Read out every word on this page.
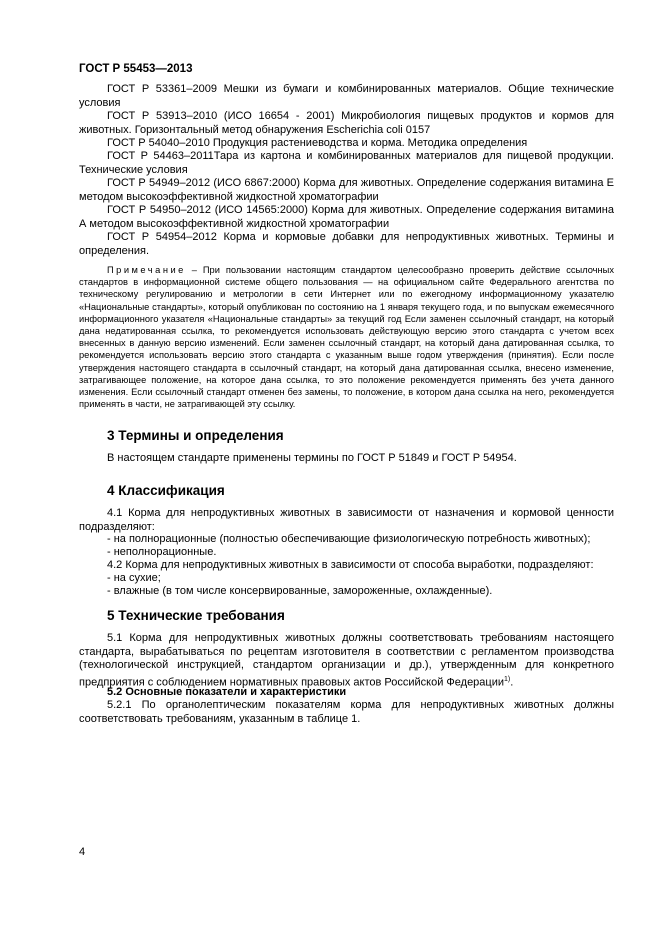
ГОСТ Р 55453—2013
ГОСТ Р 53361–2009 Мешки из бумаги и комбинированных материалов. Общие технические условия
ГОСТ Р 53913–2010 (ИСО 16654 - 2001) Микробиология пищевых продуктов и кормов для животных. Горизонтальный метод обнаружения Escherichia coli 0157
ГОСТ Р 54040–2010 Продукция растениеводства и корма. Методика определения
ГОСТ Р 54463–2011Тара из картона и комбинированных материалов для пищевой продукции. Технические условия
ГОСТ Р 54949–2012 (ИСО 6867:2000) Корма для животных. Определение содержания витамина Е методом высокоэффективной жидкостной хроматографии
ГОСТ Р 54950–2012 (ИСО 14565:2000) Корма для животных. Определение содержания витамина А методом высокоэффективной жидкостной хроматографии
ГОСТ Р 54954–2012 Корма и кормовые добавки для непродуктивных животных. Термины и определения.
Примечание – При пользовании настоящим стандартом целесообразно проверить действие ссылочных стандартов в информационной системе общего пользования — на официальном сайте Федерального агентства по техническому регулированию и метрологии в сети Интернет или по ежегодному информационному указателю «Национальные стандарты», который опубликован по состоянию на 1 января текущего года, и по выпускам ежемесячного информационного указателя «Национальные стандарты» за текущий год Если заменен ссылочный стандарт, на который дана недатированная ссылка, то рекомендуется использовать действующую версию этого стандарта с учетом всех внесенных в данную версию изменений. Если заменен ссылочный стандарт, на который дана датированная ссылка, то рекомендуется использовать версию этого стандарта с указанным выше годом утверждения (принятия). Если после утверждения настоящего стандарта в ссылочный стандарт, на который дана датированная ссылка, внесено изменение, затрагивающее положение, на которое дана ссылка, то это положение рекомендуется применять без учета данного изменения. Если ссылочный стандарт отменен без замены, то положение, в котором дана ссылка на него, рекомендуется применять в части, не затрагивающей эту ссылку.
3 Термины и определения
В настоящем стандарте применены термины по ГОСТ Р 51849 и ГОСТ Р 54954.
4 Классификация
4.1 Корма для непродуктивных животных в зависимости от назначения и кормовой ценности подразделяют:
- на полнорационные (полностью обеспечивающие физиологическую потребность животных);
- неполнорационные.
4.2 Корма для непродуктивных животных в зависимости от способа выработки, подразделяют:
- на сухие;
- влажные (в том числе консервированные, замороженные, охлажденные).
5 Технические требования
5.1 Корма для непродуктивных животных должны соответствовать требованиям настоящего стандарта, вырабатываться по рецептам изготовителя в соответствии с регламентом производства (технологической инструкцией, стандартом организации и др.), утвержденным для конкретного предприятия с соблюдением нормативных правовых актов Российской Федерации$^{1)}$.
5.2 Основные показатели и характеристики
5.2.1 По органолептическим показателям корма для непродуктивных животных должны соответствовать требованиям, указанным в таблице 1.
4
